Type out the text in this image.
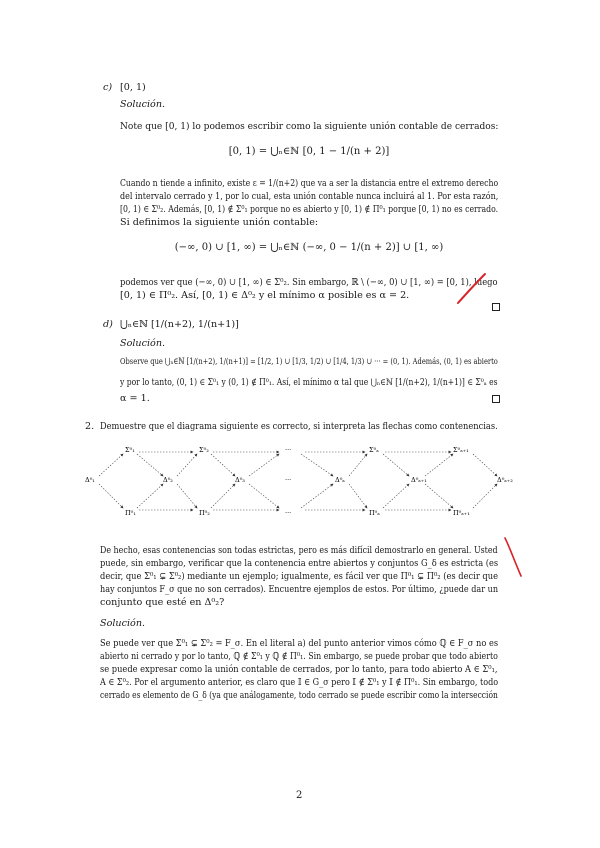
c) [0, 1)
Solución.
Note que [0, 1) lo podemos escribir como la siguiente unión contable de cerrados:
[0, 1) = ⋃ₙ∈ℕ [0, 1 − 1/(n + 2)]
Cuando n tiende a infinito, existe ε = 1/(n+2) que va a ser la distancia entre el extremo derecho
del intervalo cerrado y 1, por lo cual, esta unión contable nunca incluirá al 1. Por esta razón,
[0, 1) ∈ Σ⁰₂. Además, [0, 1) ∉ Σ⁰₁ porque no es abierto y [0, 1) ∉ Π⁰₁ porque [0, 1) no es cerrado.
Si definimos la siguiente unión contable:
(−∞, 0) ∪ [1, ∞) = ⋃ₙ∈ℕ (−∞, 0 − 1/(n + 2)] ∪ [1, ∞)
podemos ver que (−∞, 0) ∪ [1, ∞) ∈ Σ⁰₂. Sin embargo, ℝ \ (−∞, 0) ∪ [1, ∞) = [0, 1), luego
[0, 1) ∈ Π⁰₂. Así, [0, 1) ∈ Δ⁰₂ y el mínimo α posible es α = 2.
d) ⋃ₙ∈ℕ [1/(n+2), 1/(n+1)]
Solución.
Observe que ⋃ₙ∈ℕ [1/(n+2), 1/(n+1)] = [1/2, 1) ∪ [1/3, 1/2) ∪ [1/4, 1/3) ∪ ··· = (0, 1). Además, (0, 1) es abierto
y por lo tanto, (0, 1) ∈ Σ⁰₁ y (0, 1) ∉ Π⁰₁. Así, el mínimo α tal que ⋃ₙ∈ℕ [1/(n+2), 1/(n+1)] ∈ Σ⁰ₐ es
α = 1.
2. Demuestre que el diagrama siguiente es correcto, si interpreta las flechas como contenencias.
Δ⁰₁
Σ⁰₁
Π⁰₁
Δ⁰₂
Σ⁰₂
Π⁰₂
Δ⁰₃
···
···
···
Δ⁰ₐ
Σ⁰ₐ
Π⁰ₐ
Δ⁰ₐ₊₁
Σ⁰ₐ₊₁
Π⁰ₐ₊₁
Δ⁰ₐ₊₂
De hecho, esas contenencias son todas estrictas, pero es más difícil demostrarlo en general. Usted
puede, sin embargo, verificar que la contenencia entre abiertos y conjuntos G_δ es estricta (es
decir, que Σ⁰₁ ⊊ Σ⁰₂) mediante un ejemplo; igualmente, es fácil ver que Π⁰₁ ⊊ Π⁰₂ (es decir que
hay conjuntos F_σ que no son cerrados). Encuentre ejemplos de estos. Por último, ¿puede dar un
conjunto que esté en Δ⁰₂?
Solución.
Se puede ver que Σ⁰₁ ⊊ Σ⁰₂ = F_σ. En el literal a) del punto anterior vimos cómo ℚ ∈ F_σ no es
abierto ni cerrado y por lo tanto, ℚ ∉ Σ⁰₁ y ℚ ∉ Π⁰₁. Sin embargo, se puede probar que todo abierto
se puede expresar como la unión contable de cerrados, por lo tanto, para todo abierto A ∈ Σ⁰₁,
A ∈ Σ⁰₂. Por el argumento anterior, es claro que 𝕀 ∈ G_σ pero 𝕀 ∉ Σ⁰₁ y 𝕀 ∉ Π⁰₁. Sin embargo, todo
cerrado es elemento de G_δ (ya que análogamente, todo cerrado se puede escribir como la intersección
2
